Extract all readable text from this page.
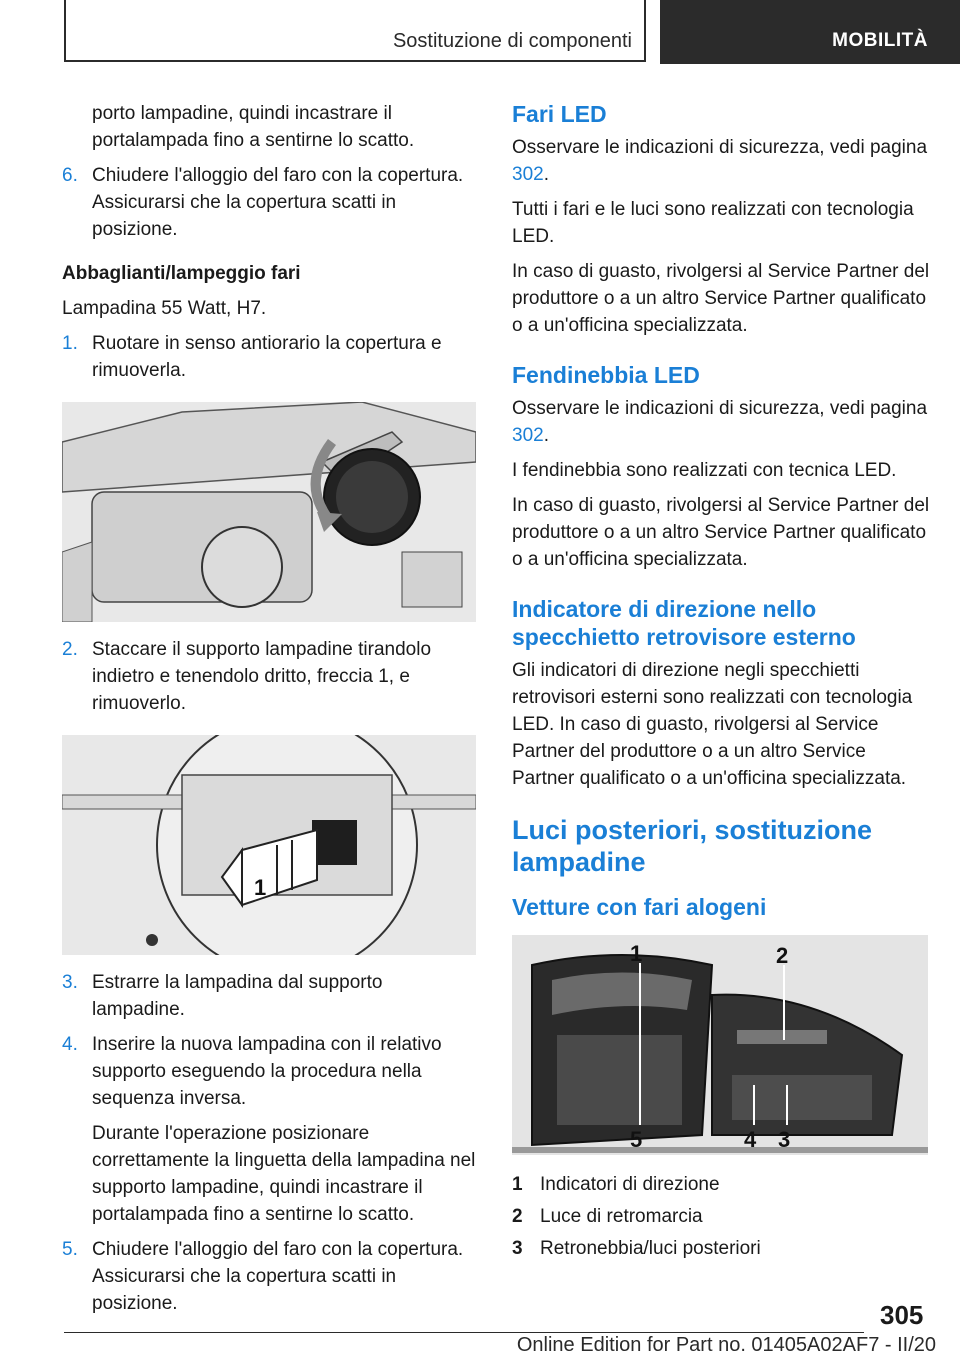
Sostituzione di componenti	MOBILITÀ

porto lampadine, quindi incastrare il portalampada fino a sentirne lo scatto.

6. Chiudere l'alloggio del faro con la copertura. Assicurarsi che la copertura scatti in posizione.
Abbaglianti/lampeggio fari

Lampadina 55 Watt, H7.

1. Ruotare in senso antiorario la copertura e rimuoverla.
2. Staccare il supporto lampadine tirandolo indietro e tenendolo dritto, freccia 1, e rimuoverlo.
1
3. Estrarre la lampadina dal supporto lampadine.
4. Inserire la nuova lampadina con il relativo supporto eseguendo la procedura nella sequenza inversa.

Durante l'operazione posizionare correttamente la linguetta della lampadina nel supporto lampadine, quindi incastrare il portalampada fino a sentirne lo scatto.

5. Chiudere l'alloggio del faro con la copertura. Assicurarsi che la copertura scatti in posizione.
Fari LED

Osservare le indicazioni di sicurezza, vedi pagina 302.

Tutti i fari e le luci sono realizzati con tecnologia LED.

In caso di guasto, rivolgersi al Service Partner del produttore o a un altro Service Partner qualificato o a un'officina specializzata.

Fendinebbia LED

Osservare le indicazioni di sicurezza, vedi pagina 302.

I fendinebbia sono realizzati con tecnica LED.

In caso di guasto, rivolgersi al Service Partner del produttore o a un altro Service Partner qualificato o a un'officina specializzata.

Indicatore di direzione nello specchietto retrovisore esterno

Gli indicatori di direzione negli specchietti retrovisori esterni sono realizzati con tecnologia LED. In caso di guasto, rivolgersi al Service Partner del produttore o a un altro Service Partner qualificato o a un'officina specializzata.

Luci posteriori, sostituzione lampadine
Vetture con fari alogeni
1	2
5	4 3
1 Indicatori di direzione
2 Luce di retromarcia
3 Retronebbia/luci posteriori
305
Online Edition for Part no. 01405A02AF7 - II/20
